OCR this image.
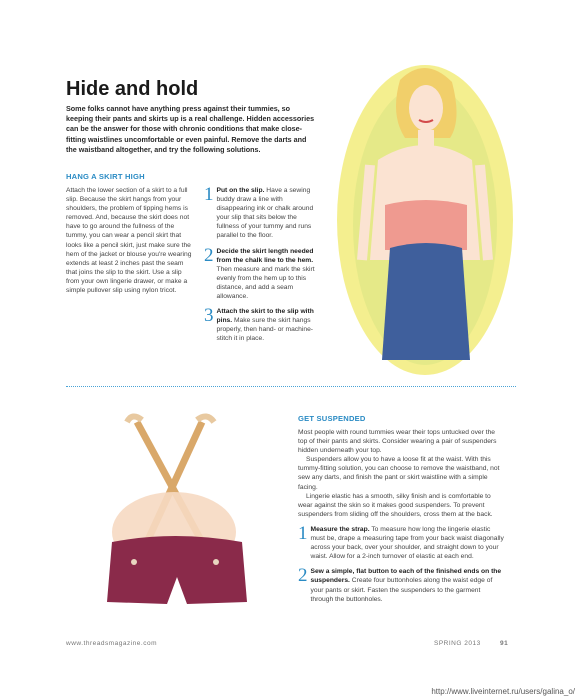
Hide and hold
Some folks cannot have anything press against their tummies, so keeping their pants and skirts up is a real challenge. Hidden accessories can be the answer for those with chronic conditions that make close-fitting waistlines uncomfortable or even painful. Remove the darts and the waistband altogether, and try the following solutions.
HANG A SKIRT HIGH
Attach the lower section of a skirt to a full slip. Because the skirt hangs from your shoulders, the problem of tipping hems is removed. And, because the skirt does not have to go around the fullness of the tummy, you can wear a pencil skirt that looks like a pencil skirt, just make sure the hem of the jacket or blouse you're wearing extends at least 2 inches past the seam that joins the slip to the skirt. Use a slip from your own lingerie drawer, or make a simple pullover slip using nylon tricot.
1 Put on the slip. Have a sewing buddy draw a line with disappearing ink or chalk around your slip that sits below the fullness of your tummy and runs parallel to the floor.
2 Decide the skirt length needed from the chalk line to the hem. Then measure and mark the skirt evenly from the hem up to this distance, and add a seam allowance.
3 Attach the skirt to the slip with pins. Make sure the skirt hangs properly, then hand- or machine-stitch it in place.
GET SUSPENDED

Most people with round tummies wear their tops untucked over the top of their pants and skirts. Consider wearing a pair of suspenders hidden underneath your top.

Suspenders allow you to have a loose fit at the waist. With this tummy-fitting solution, you can choose to remove the waistband, not sew any darts, and finish the pant or skirt waistline with a simple facing.

Lingerie elastic has a smooth, silky finish and is comfortable to wear against the skin so it makes good suspenders. To prevent suspenders from sliding off the shoulders, cross them at the back.

1 Measure the strap. To measure how long the lingerie elastic must be, drape a measuring tape from your back waist diagonally across your back, over your shoulder, and straight down to your waist. Allow for a 2-inch turnover of elastic at each end.
2 Sew a simple, flat button to each of the finished ends on the suspenders. Create four buttonholes along the waist edge of your pants or skirt. Fasten the suspenders to the garment through the buttonholes.
www.threadsmagazine.com	SPRING 2013	91
http://www.liveinternet.ru/users/galina_o/
